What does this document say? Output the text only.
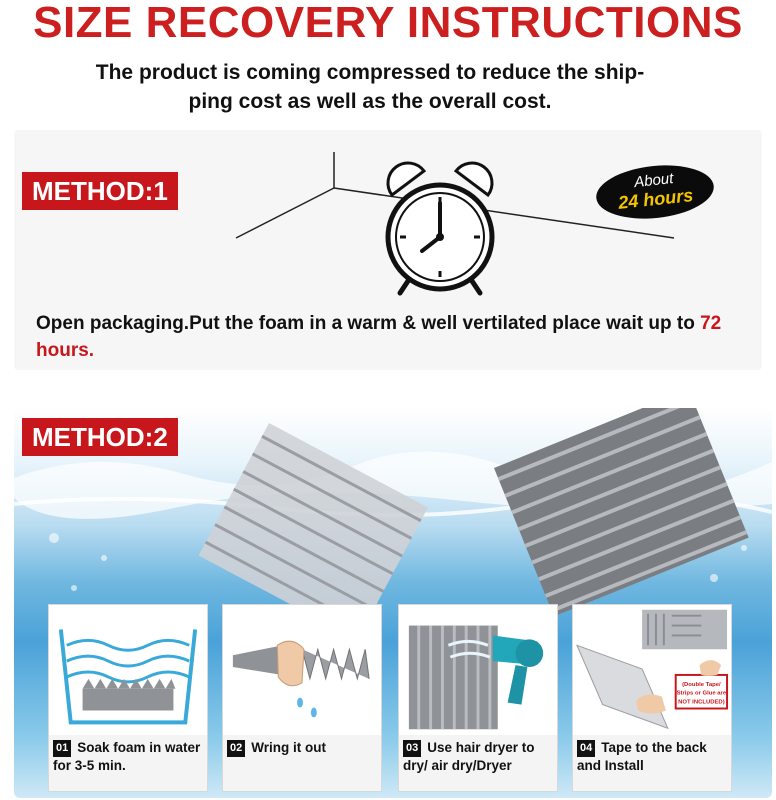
SIZE RECOVERY INSTRUCTIONS
The product is coming compressed to reduce the ship-
ping cost as well as the overall cost.
METHOD:1	About
24 hours
Open packaging.Put the foam in a warm & well vertilated place wait up to 72 hours.
METHOD:2
01 Soak foam in water for 3-5 min.
02 Wring it out	03 Use hair dryer to dry/ air dry/Dryer
(Double Tape/
Strips or Glue are
NOT INCLUDED)
04 Tape to the back and Install
